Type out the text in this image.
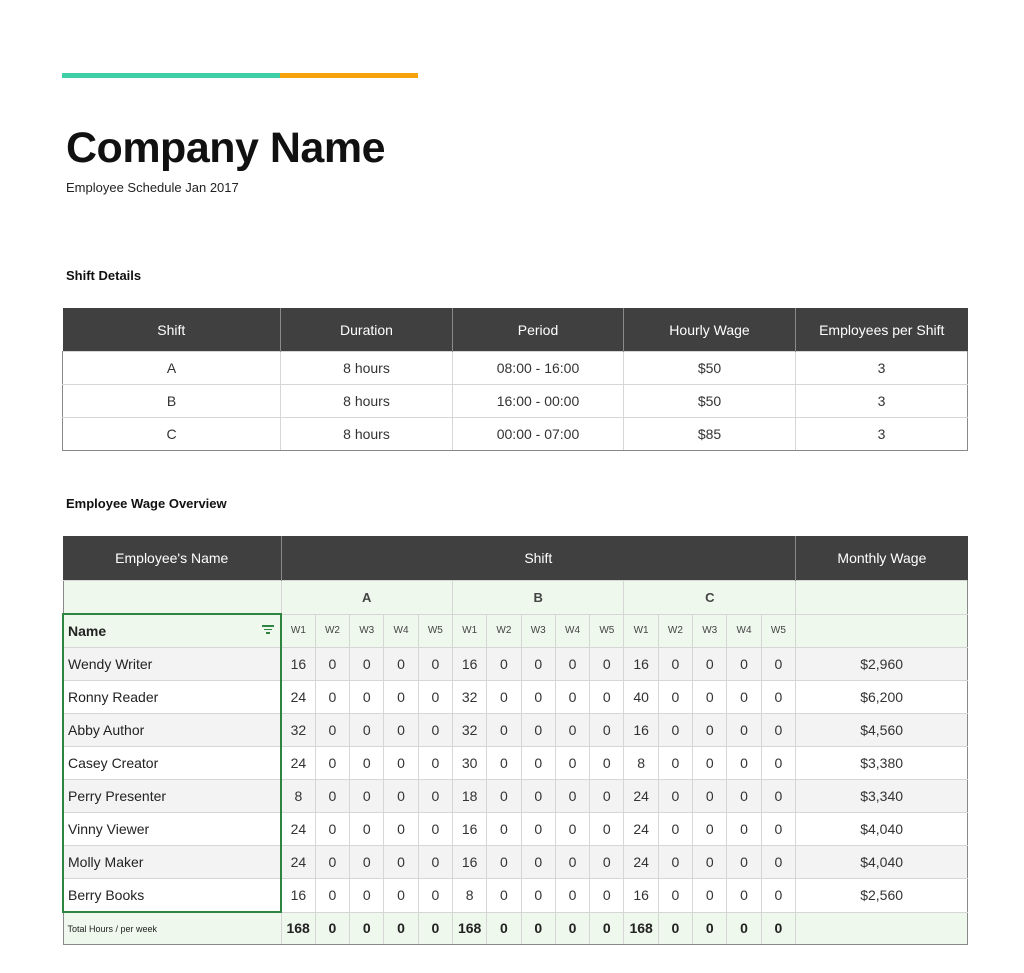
Company Name
Employee Schedule Jan 2017
Shift Details
Shift	Duration	Period	Hourly Wage	Employees per Shift
A	8 hours	08:00 - 16:00	$50	3
B	8 hours	16:00 - 00:00	$50	3
C	8 hours	00:00 - 07:00	$85	3
Employee Wage Overview
Employee's Name	Shift															Monthly Wage
	A					B					C					
Name	W1	W2	W3	W4	W5	W1	W2	W3	W4	W5	W1	W2	W3	W4	W5	
Wendy Writer	16	0	0	0	0	16	0	0	0	0	16	0	0	0	0	$2,960
Ronny Reader	24	0	0	0	0	32	0	0	0	0	40	0	0	0	0	$6,200
Abby Author	32	0	0	0	0	32	0	0	0	0	16	0	0	0	0	$4,560
Casey Creator	24	0	0	0	0	30	0	0	0	0	8	0	0	0	0	$3,380
Perry Presenter	8	0	0	0	0	18	0	0	0	0	24	0	0	0	0	$3,340
Vinny Viewer	24	0	0	0	0	16	0	0	0	0	24	0	0	0	0	$4,040
Molly Maker	24	0	0	0	0	16	0	0	0	0	24	0	0	0	0	$4,040
Berry Books	16	0	0	0	0	8	0	0	0	0	16	0	0	0	0	$2,560
Total Hours / per week	168	0	0	0	0	168	0	0	0	0	168	0	0	0	0	
